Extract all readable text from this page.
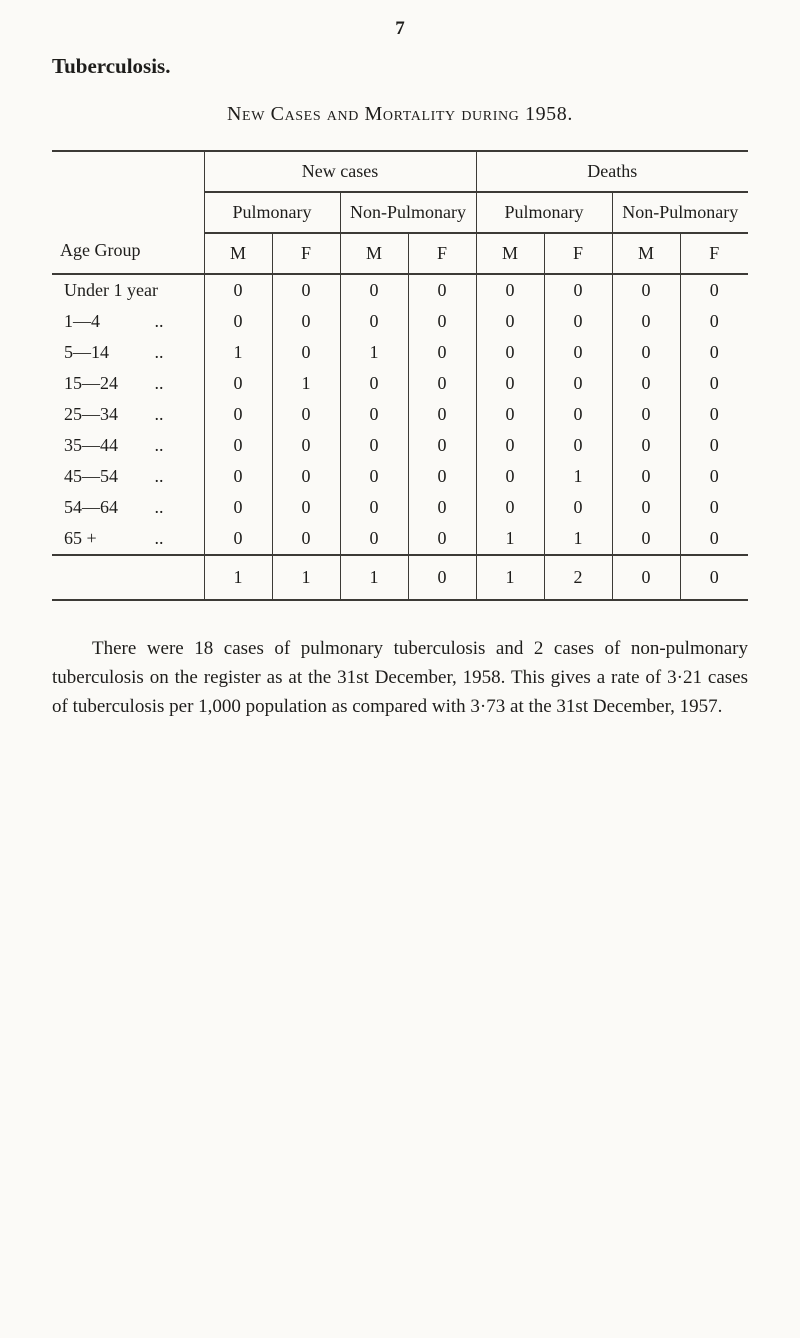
7
Tuberculosis.
New Cases and Mortality during 1958.
Age Group	New cases				Deaths			
	Pulmonary		Non-Pulmonary		Pulmonary		Non-Pulmonary	
	M	F	M	F	M	F	M	F

Under 1 year	0	0	0	0	0	0	0	0

1—4 ..	0	0	0	0	0	0	0	0

5—14 ..	1	0	1	0	0	0	0	0

15—24 ..	0	1	0	0	0	0	0	0

25—34 ..	0	0	0	0	0	0	0	0

35—44 ..	0	0	0	0	0	0	0	0

45—54 ..	0	0	0	0	0	1	0	0

54—64 ..	0	0	0	0	0	0	0	0

65 + ..	0	0	0	0	1	1	0	0
	1	1	1	0	1	2	0	0

There were 18 cases of pulmonary tuberculosis and 2 cases of non-pulmonary tuberculosis on the register as at the 31st December, 1958. This gives a rate of 3·21 cases of tuberculosis per 1,000 population as compared with 3·73 at the 31st December, 1957.
